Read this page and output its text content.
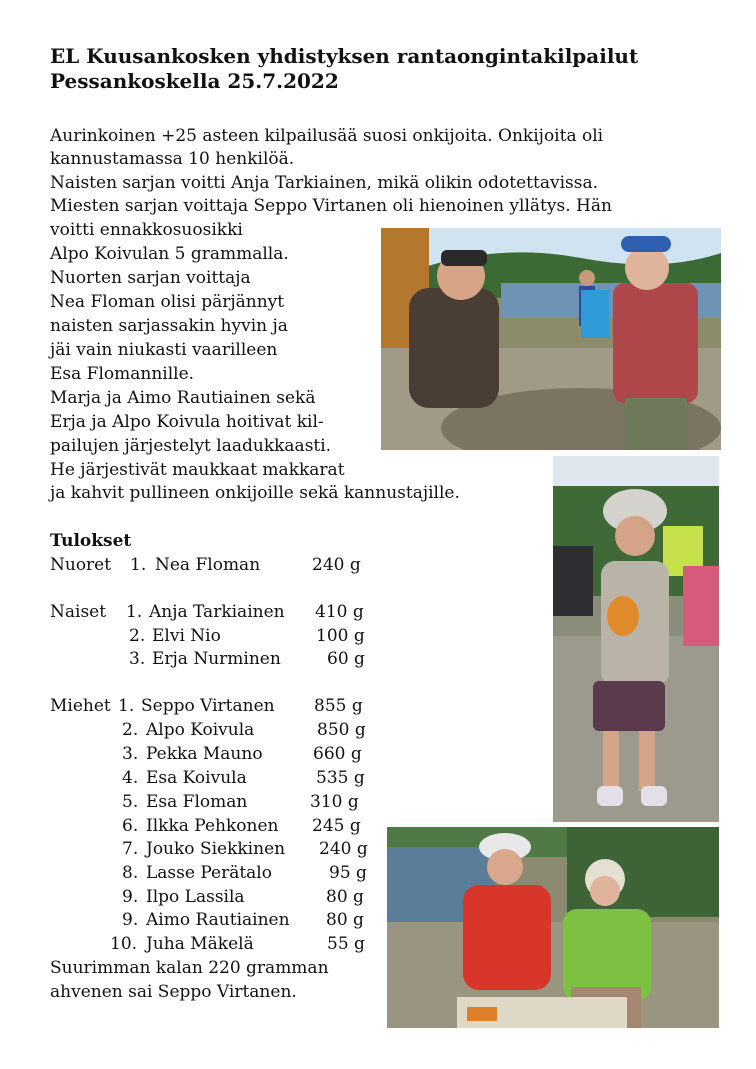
EL Kuusankosken yhdistyksen rantaongintakilpailut
Pessankoskella 25.7.2022
Aurinkoinen +25 asteen kilpailusää suosi onkijoita. Onkijoita oli
kannustamassa 10 henkilöä.
Naisten sarjan voitti Anja Tarkiainen, mikä olikin odotettavissa.
Miesten sarjan voittaja Seppo Virtanen oli hienoinen yllätys. Hän
voitti ennakkosuosikki
Alpo Koivulan 5 grammalla.
Nuorten sarjan voittaja
Nea Floman olisi pärjännyt
naisten sarjassakin hyvin ja
jäi vain niukasti vaarilleen
Esa Flomannille.
Marja ja Aimo Rautiainen sekä
Erja ja Alpo Koivula hoitivat kil-
pailujen järjestelyt laadukkaasti.
He järjestivät maukkaat makkarat
ja kahvit pullineen onkijoille sekä kannustajille.
Tulokset
Nuoret 1. Nea Floman	240 g
Naiset 1. Anja Tarkiainen 410 g
2. Elvi Nio	100 g
3. Erja Nurminen	60 g
Miehet 1. Seppo Virtanen 855 g
2. Alpo Koivula	850 g
3. Pekka Mauno	660 g
4. Esa Koivula	535 g
5. Esa Floman	310 g
6. Ilkka Pehkonen 245 g
7. Jouko Siekkinen 240 g
8. Lasse Perätalo	95 g
9. Ilpo Lassila	80 g
9. Aimo Rautiainen 80 g
10. Juha Mäkelä	55 g
Suurimman kalan 220 gramman
ahvenen sai Seppo Virtanen.
